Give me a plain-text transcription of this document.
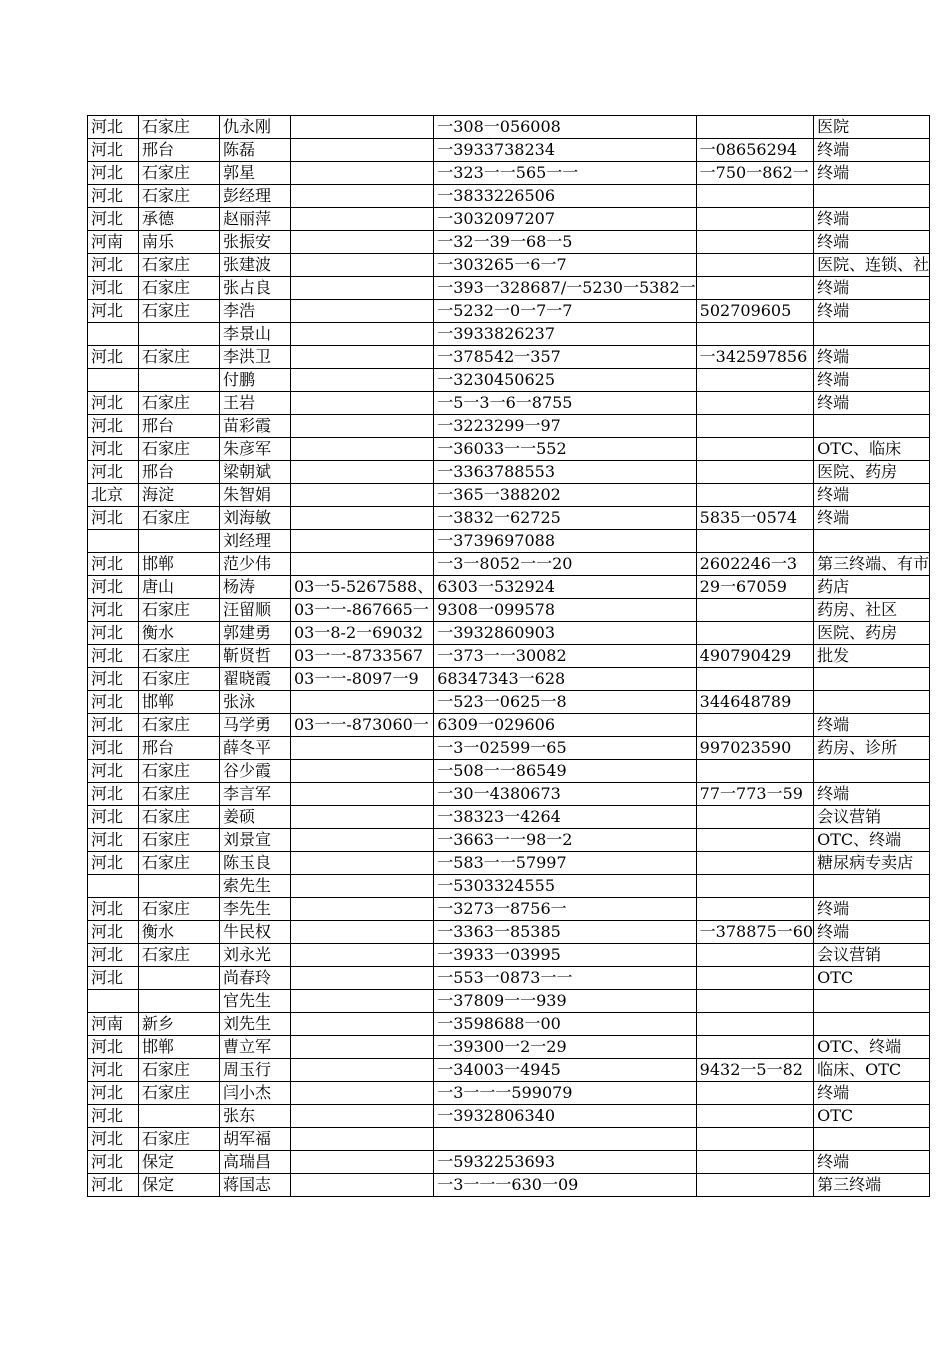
河北	石家庄	仇永刚		一308一056008		医院
河北	邢台	陈磊		一3933738234	一08656294	终端
河北	石家庄	郭星		一323一一565一一	一750一862一	终端
河北	石家庄	彭经理		一3833226506		
河北	承德	赵丽萍		一3032097207		终端
河南	南乐	张振安		一32一39一68一5		终端
河北	石家庄	张建波		一303265一6一7		医院、连锁、社
河北	石家庄	张占良		一393一328687/一5230一5382一		终端
河北	石家庄	李浩		一5232一0一7一7	502709605	终端
		李景山		一3933826237		
河北	石家庄	李洪卫		一378542一357	一342597856	终端
		付鹏		一3230450625		终端
河北	石家庄	王岩		一5一3一6一8755		终端
河北	邢台	苗彩霞		一3223299一97		
河北	石家庄	朱彦军		一36033一一552		OTC、临床
河北	邢台	梁朝斌		一3363788553		医院、药房
北京	海淀	朱智娟		一365一388202		终端
河北	石家庄	刘海敏		一3832一62725	5835一0574	终端
		刘经理		一3739697088		
河北	邯郸	范少伟		一3一8052一一20	2602246一3	第三终端、有市
河北	唐山	杨涛	03一5-5267588、	6303一532924	29一67059	药店
河北	石家庄	汪留顺	03一一-867665一	9308一099578		药房、社区
河北	衡水	郭建勇	03一8-2一69032	一3932860903		医院、药房
河北	石家庄	靳贤哲	03一一-8733567	一373一一30082	490790429	批发
河北	石家庄	翟晓霞	03一一-8097一9	68347343一628		
河北	邯郸	张泳		一523一0625一8	344648789	
河北	石家庄	马学勇	03一一-873060一	6309一029606		终端
河北	邢台	薛冬平		一3一02599一65	997023590	药房、诊所
河北	石家庄	谷少霞		一508一一86549		
河北	石家庄	李言军		一30一4380673	77一773一59	终端
河北	石家庄	姜硕		一38323一4264		会议营销
河北	石家庄	刘景宣		一3663一一98一2		OTC、终端
河北	石家庄	陈玉良		一583一一57997		糖尿病专卖店
		索先生		一5303324555		
河北	石家庄	李先生		一3273一8756一		终端
河北	衡水	牛民权		一3363一85385	一378875一60	终端
河北	石家庄	刘永光		一3933一03995		会议营销
河北		尚春玲		一553一0873一一		OTC
		官先生		一37809一一939		
河南	新乡	刘先生		一3598688一00		
河北	邯郸	曹立军		一39300一2一29		OTC、终端
河北	石家庄	周玉行		一34003一4945	9432一5一82	临床、OTC
河北	石家庄	闫小杰		一3一一一599079		终端
河北		张东		一3932806340		OTC
河北	石家庄	胡军福				
河北	保定	高瑞昌		一5932253693		终端
河北	保定	蒋国志		一3一一一630一09		第三终端
